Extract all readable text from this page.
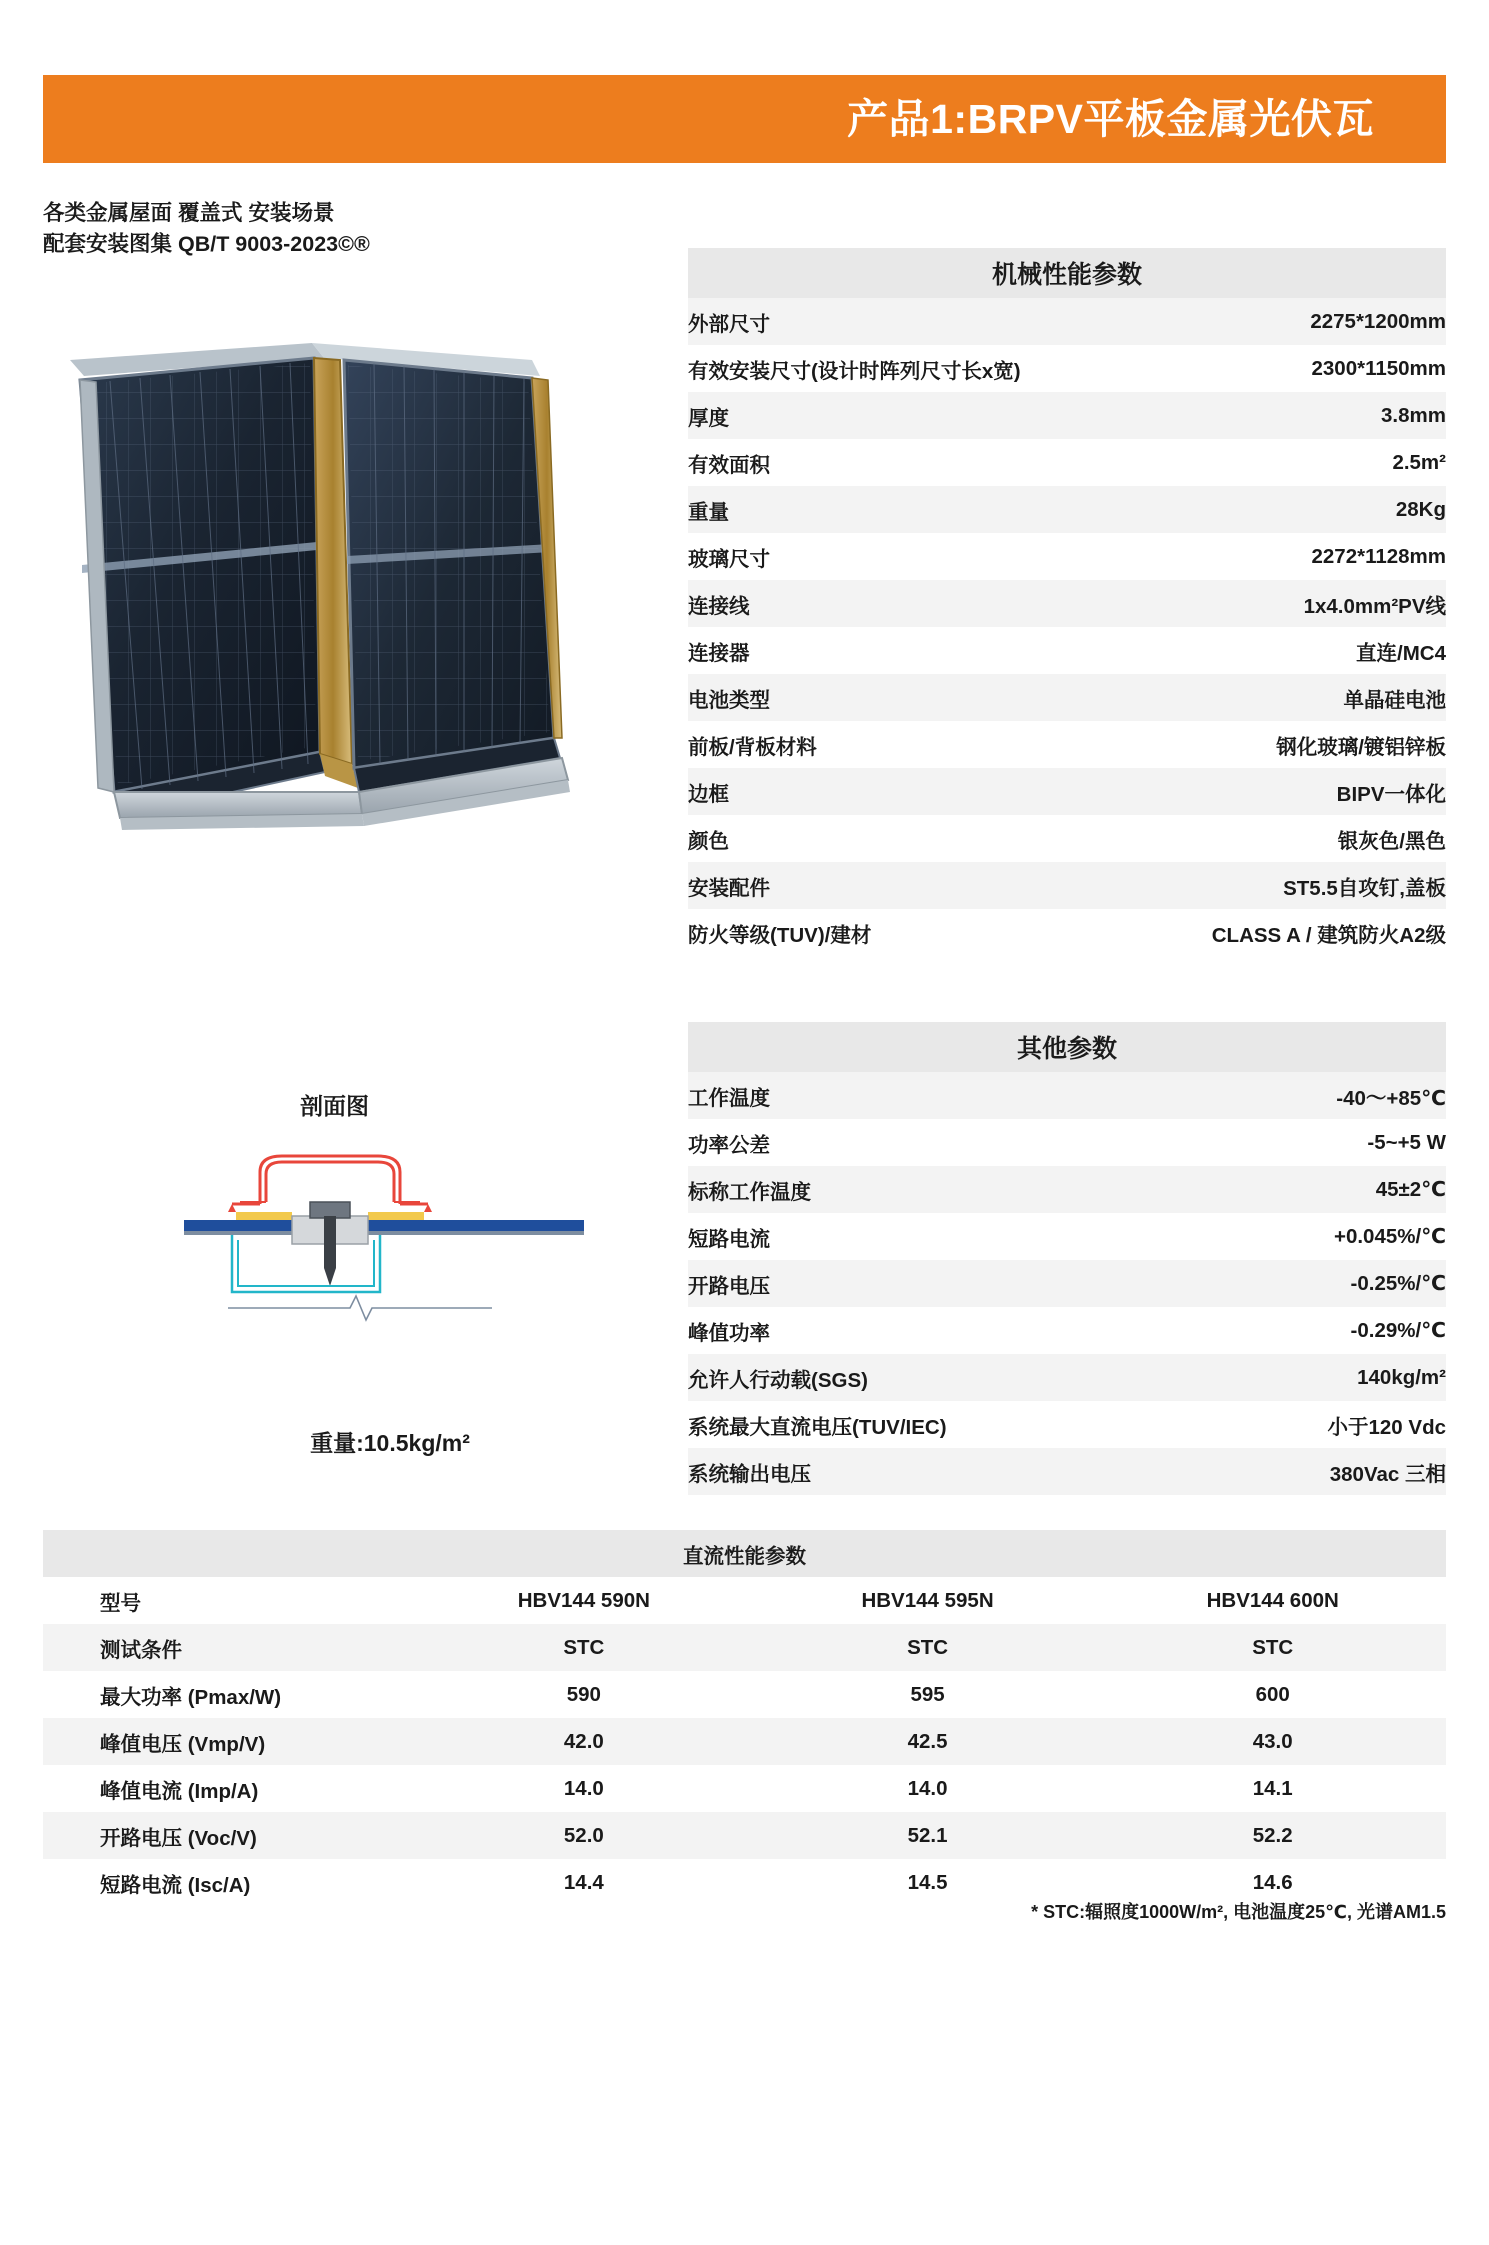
产品1:BRPV平板金属光伏瓦
各类金属屋面 覆盖式 安装场景
配套安装图集 QB/T 9003-2023©®
剖面图
重量:10.5kg/m²
机械性能参数	
外部尺寸	2275*1200mm
有效安装尺寸(设计时阵列尺寸长x宽)	2300*1150mm
厚度	3.8mm
有效面积	2.5m²
重量	28Kg
玻璃尺寸	2272*1128mm
连接线	1x4.0mm²PV线
连接器	直连/MC4
电池类型	单晶硅电池
前板/背板材料	钢化玻璃/镀铝锌板
边框	BIPV一体化
颜色	银灰色/黑色
安装配件	ST5.5自攻钉,盖板
防火等级(TUV)/建材	CLASS A / 建筑防火A2级
其他参数	
工作温度	-40～+85℃
功率公差	-5~+5 W
标称工作温度	45±2℃
短路电流	+0.045%/℃
开路电压	-0.25%/℃
峰值功率	-0.29%/℃
允许人行动载(SGS)	140kg/m²
系统最大直流电压(TUV/IEC)	小于120 Vdc
系统输出电压	380Vac 三相
直流性能参数			
型号	HBV144 590N	HBV144 595N	HBV144 600N
测试条件	STC	STC	STC
最大功率 (Pmax/W)	590	595	600
峰值电压 (Vmp/V)	42.0	42.5	43.0
峰值电流 (Imp/A)	14.0	14.0	14.1
开路电压 (Voc/V)	52.0	52.1	52.2
短路电流 (Isc/A)	14.4	14.5	14.6
* STC:辐照度1000W/m², 电池温度25℃, 光谱AM1.5
